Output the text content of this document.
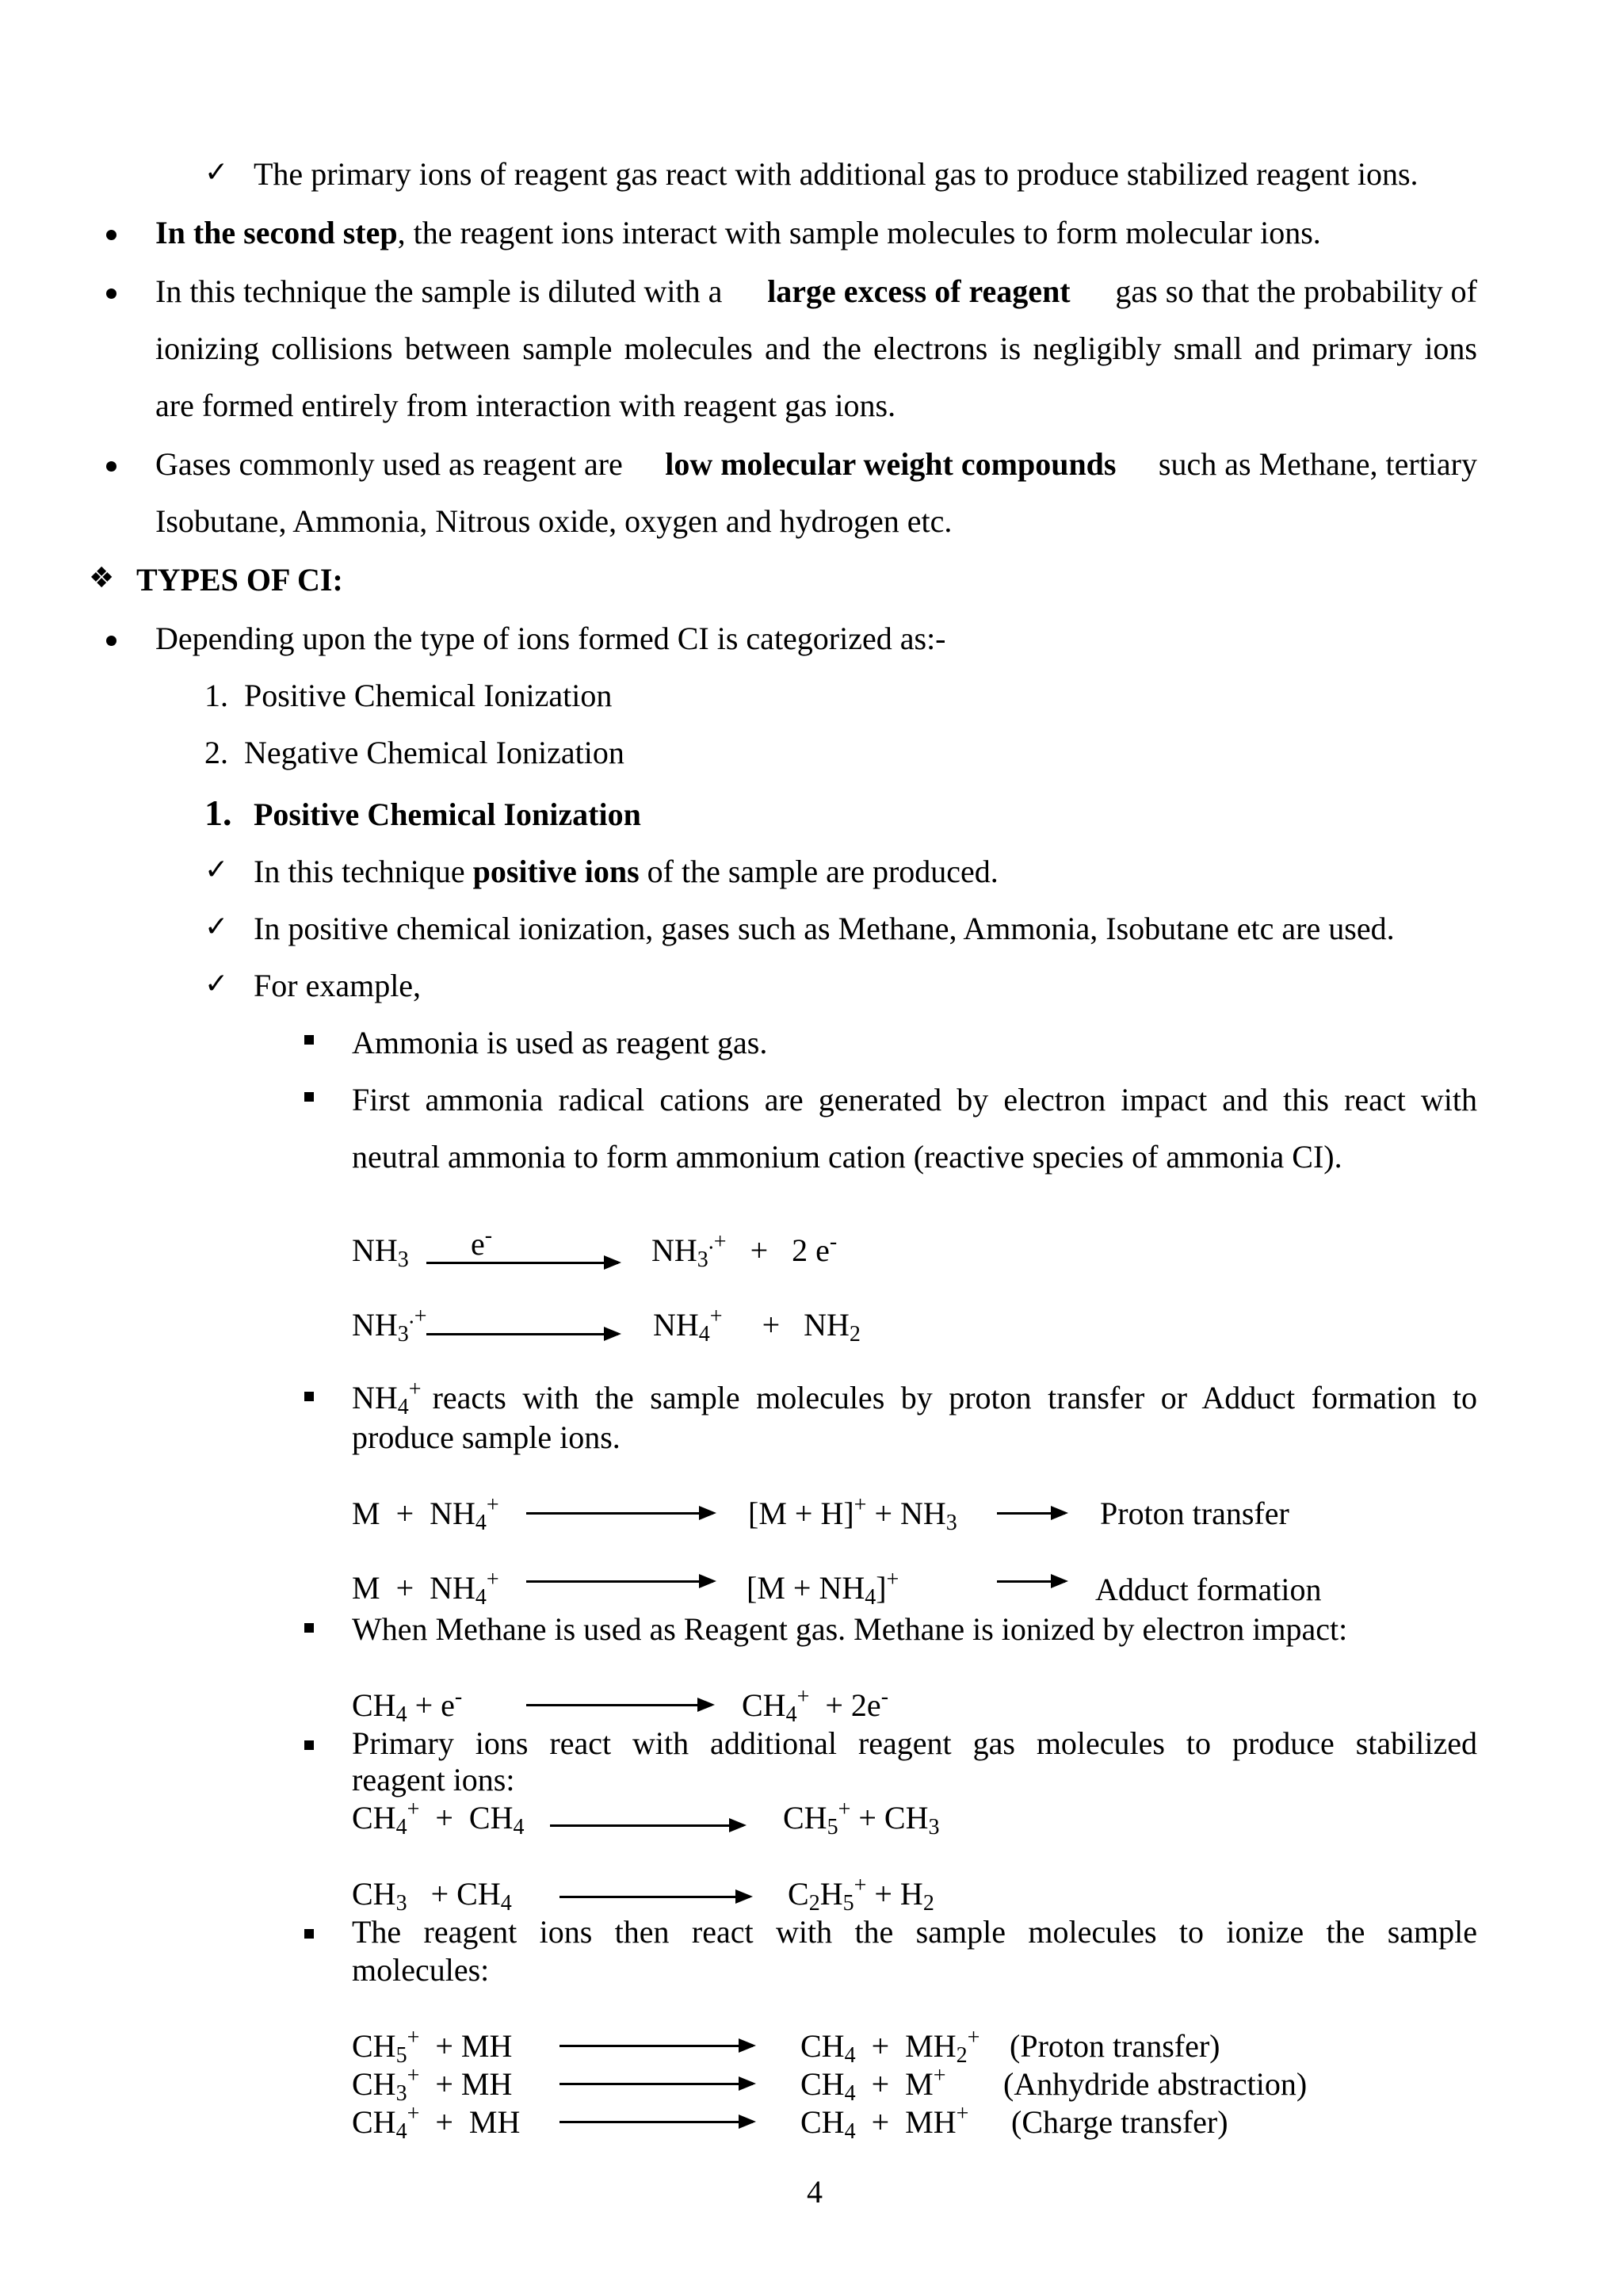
✓ The primary ions of reagent gas react with additional gas to produce stabilized reagent ions.
In the second step, the reagent ions interact with sample molecules to form molecular ions.
In this technique the sample is diluted with a large excess of reagent gas so that the probability of
ionizing collisions between sample molecules and the electrons is negligibly small and primary ions
are formed entirely from interaction with reagent gas ions.
Gases commonly used as reagent are low molecular weight compounds such as Methane, tertiary
Isobutane, Ammonia, Nitrous oxide, oxygen and hydrogen etc.
❖ TYPES OF CI:
Depending upon the type of ions formed CI is categorized as:-
1.  Positive Chemical Ionization
2.  Negative Chemical Ionization
1. Positive Chemical Ionization
✓ In this technique positive ions of the sample are produced.
✓ In positive chemical ionization, gases such as Methane, Ammonia, Isobutane etc are used.
✓ For example,
Ammonia is used as reagent gas.
First ammonia radical cations are generated by electron impact and this react with
neutral ammonia to form ammonium cation (reactive species of ammonia CI).
$NH_3$ e-	$NH_3^{.+} + 2$ e-
$NH_3^{.+}$	$NH_4^+$     +   $NH_2$
$NH_4^+$ reacts with the sample molecules by proton transfer or Adduct formation to
produce sample ions.
$M + NH_4^+$	$[M + H]^+ + NH_3$ → Proton transfer
$M + NH_4^+$	$[M + NH_4]^+$	→ Adduct formation
When Methane is used as Reagent gas. Methane is ionized by electron impact:
$CH_4 + e^-$	$CH_4^+ + 2e^-$
Primary ions react with additional reagent gas molecules to produce stabilized
reagent ions:
$CH_4^+ + CH_4$	$CH_5^+ + CH_3$
$CH_3 + CH_4$	$C_2H_5^+ + H_2$
The reagent ions then react with the sample molecules to ionize the sample
molecules:
$CH_5^+$  + MH	$CH_4 + MH_2^+$ (Proton transfer)
$CH_3^+$  + MH	$CH_4 + M^+$ (Anhydride abstraction)
$CH_4^+$  +  MH	$CH_4 + MH^+$ (Charge transfer)
4
